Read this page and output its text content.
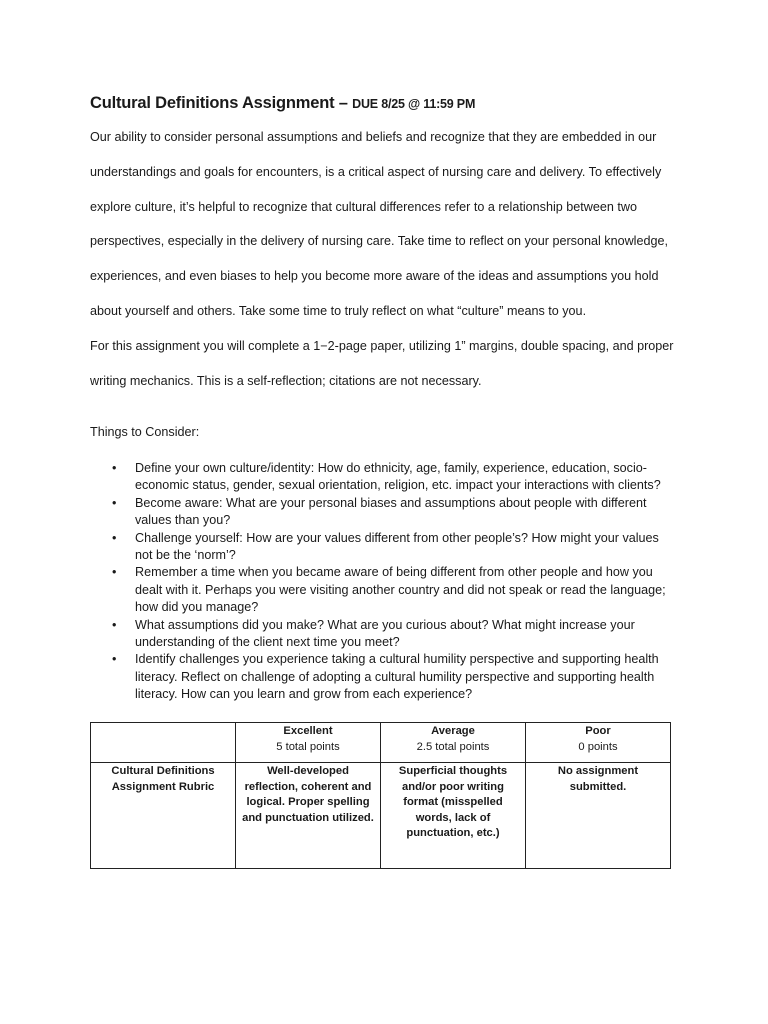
Cultural Definitions Assignment – DUE 8/25 @ 11:59 PM

Our ability to consider personal assumptions and beliefs and recognize that they are embedded in our
understandings and goals for encounters, is a critical aspect of nursing care and delivery. To effectively
explore culture, it’s helpful to recognize that cultural differences refer to a relationship between two
perspectives, especially in the delivery of nursing care. Take time to reflect on your personal knowledge,
experiences, and even biases to help you become more aware of the ideas and assumptions you hold
about yourself and others. Take some time to truly reflect on what “culture” means to you.

For this assignment you will complete a 1−2-page paper, utilizing 1” margins, double spacing, and proper
writing mechanics. This is a self-reflection; citations are not necessary.

Things to Consider:

• Define your own culture/identity: How do ethnicity, age, family, experience, education, socio-
economic status, gender, sexual orientation, religion, etc. impact your interactions with clients?
• Become aware: What are your personal biases and assumptions about people with different
values than you?
• Challenge yourself: How are your values different from other people’s? How might your values
not be the ‘norm’?
• Remember a time when you became aware of being different from other people and how you
dealt with it. Perhaps you were visiting another country and did not speak or read the language;
how did you manage?
• What assumptions did you make? What are you curious about? What might increase your
understanding of the client next time you meet?
• Identify challenges you experience taking a cultural humility perspective and supporting health
literacy. Reflect on challenge of adopting a cultural humility perspective and supporting health
literacy. How can you learn and grow from each experience?

	Excellent
5 total points	Average
2.5 total points	Poor
0 points

Cultural Definitions
Assignment Rubric	Well-developed
reflection, coherent and
logical. Proper spelling
and punctuation utilized.	Superficial thoughts
and/or poor writing
format (misspelled
words, lack of
punctuation, etc.)	No assignment
submitted.
